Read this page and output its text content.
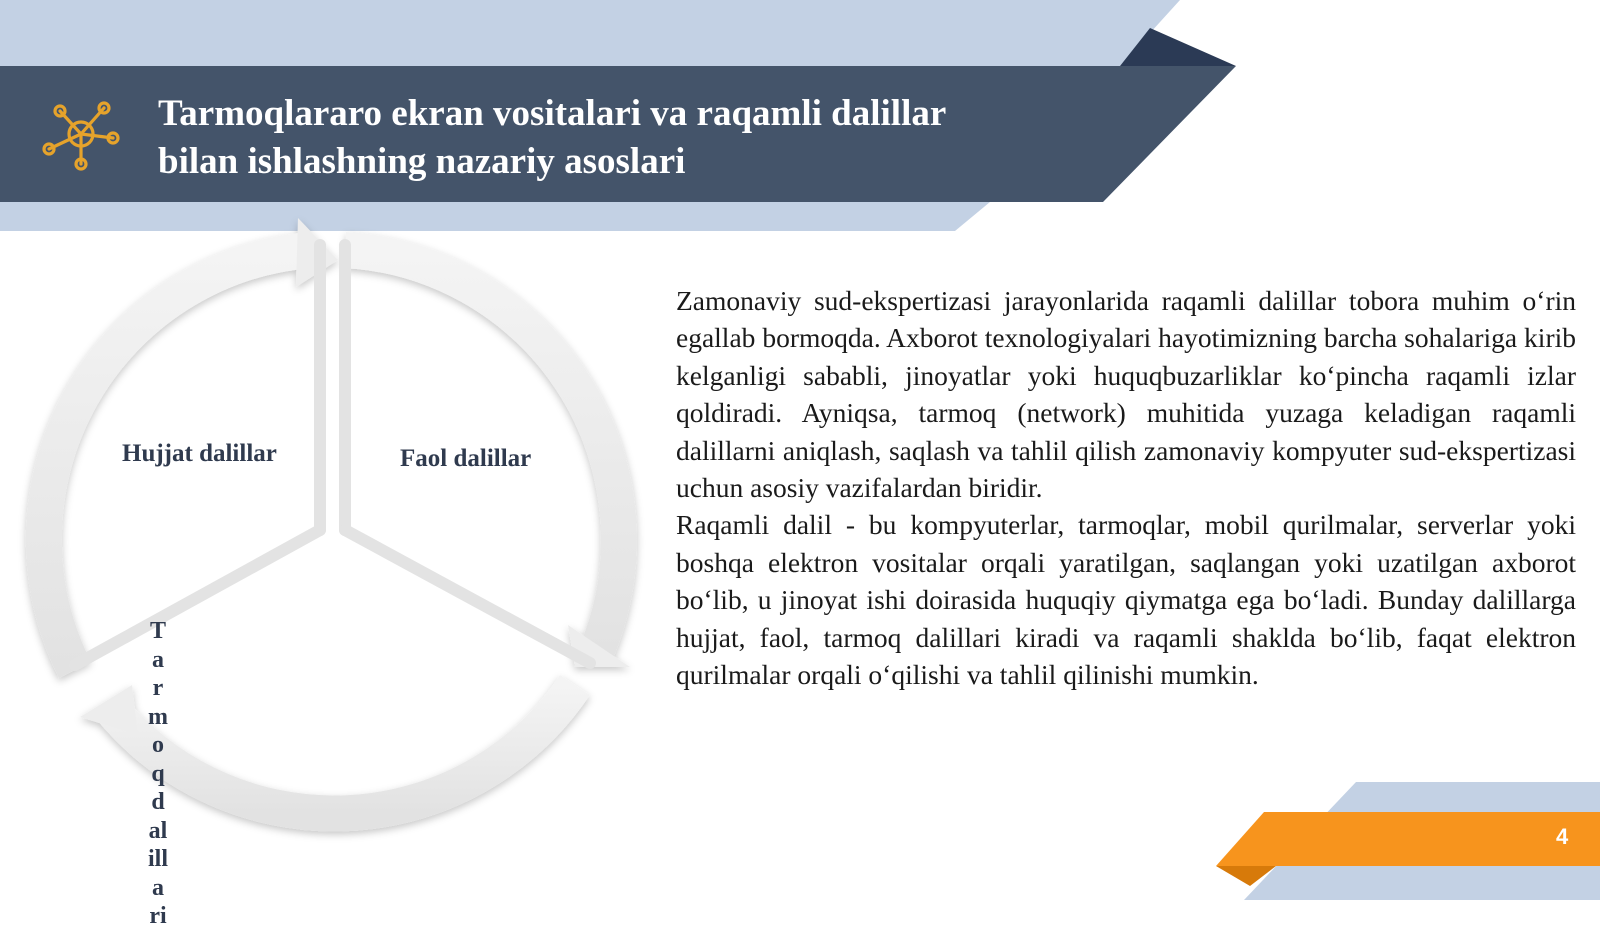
Tarmoqlararo ekran vositalari va raqamli dalillar
bilan ishlashning nazariy asoslari
Hujjat dalillar	Faol dalillar
Tarmoq dalillari

Zamonaviy sud-ekspertizasi jarayonlarida raqamli dalillar tobora muhim o‘rin egallab bormoqda. Axborot texnologiyalari hayotimizning barcha sohalariga kirib kelganligi sababli, jinoyatlar yoki huquqbuzarliklar ko‘pincha raqamli izlar qoldiradi. Ayniqsa, tarmoq (network) muhitida yuzaga keladigan raqamli dalillarni aniqlash, saqlash va tahlil qilish zamonaviy kompyuter sud-ekspertizasi uchun asosiy vazifalardan biridir.

Raqamli dalil - bu kompyuterlar, tarmoqlar, mobil qurilmalar, serverlar yoki boshqa elektron vositalar orqali yaratilgan, saqlangan yoki uzatilgan axborot bo‘lib, u jinoyat ishi doirasida huquqiy qiymatga ega bo‘ladi. Bunday dalillarga hujjat, faol, tarmoq dalillari kiradi va raqamli shaklda bo‘lib, faqat elektron qurilmalar orqali o‘qilishi va tahlil qilinishi mumkin.

4
